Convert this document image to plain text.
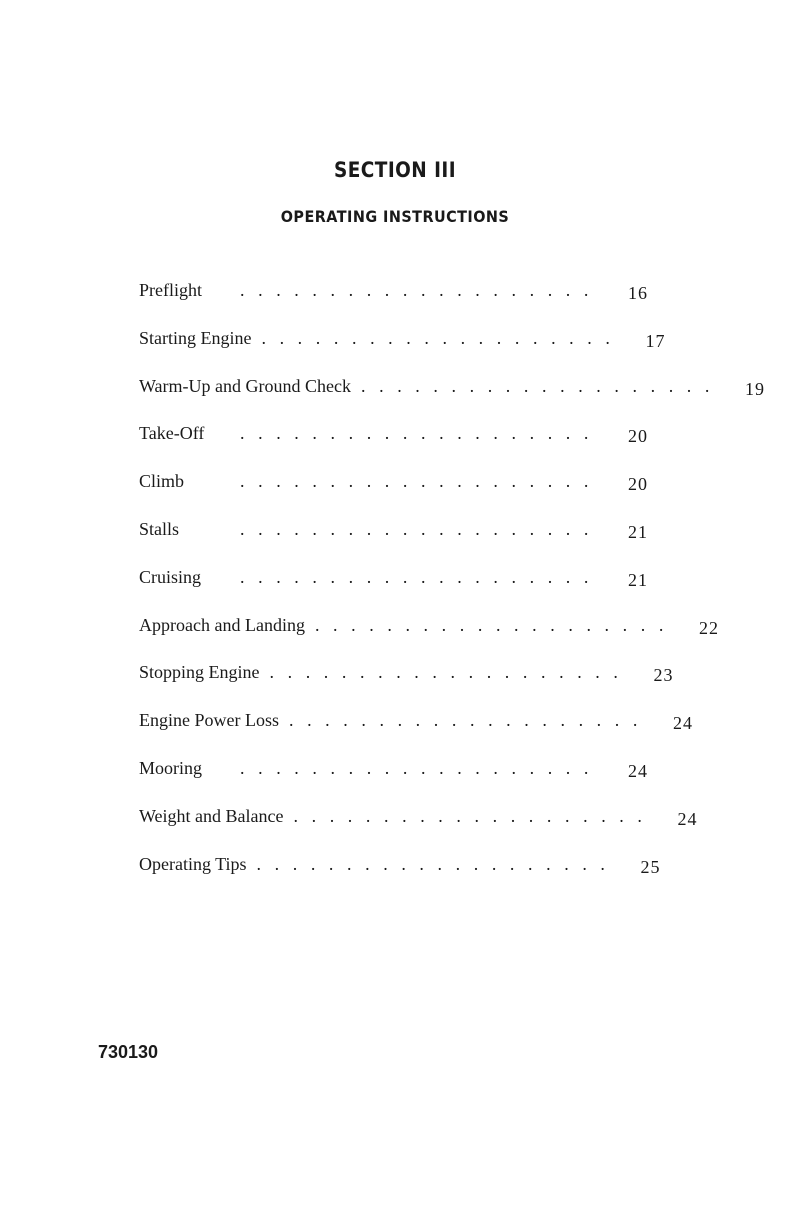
SECTION III
OPERATING INSTRUCTIONS
Preflight	....................	16
Starting Engine ....................	17
Warm-Up and Ground Check ....................	19
Take-Off	....................	20
Climb	....................	20
Stalls	....................	21
Cruising	....................	21
Approach and Landing ....................	22
Stopping Engine ....................	23
Engine Power Loss ....................	24
Mooring	....................	24
Weight and Balance ....................	24
Operating Tips ....................	25
730130
